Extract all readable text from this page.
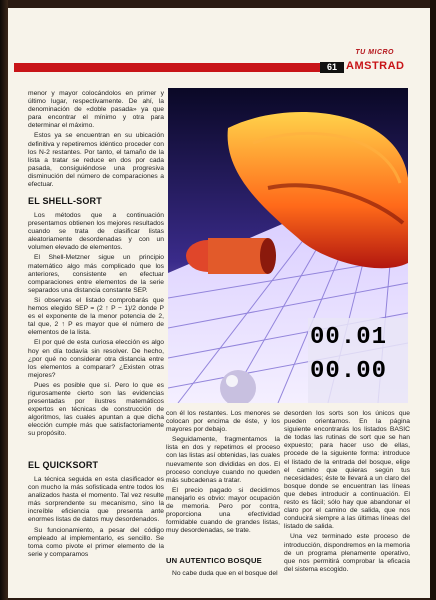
TU MICRO
61 AMSTRAD

menor y mayor colocándolos en primer y último lugar, respectivamente. De ahí, la denominación de «doble pasada» ya que para encontrar el mínimo y otra para determinar el máximo.

Estos ya se encuentran en su ubicación definitiva y repetiremos idéntico proceder con los N-2 restantes. Por tanto, el tamaño de la lista a tratar se reduce en dos por cada pasada, consiguiéndose una progresiva disminución del número de comparaciones a efectuar.

EL SHELL-SORT

Los métodos que a continuación presentamos obtienen los mejores resultados cuando se trata de clasificar listas aleatoriamente desordenadas y con un volumen elevado de elementos.

El Shell-Metzner sigue un principio matemático algo más complicado que los anteriores, consistente en efectuar comparaciones entre elementos de la serie separados una distancia constante SEP.

Si observas el listado comprobarás que hemos elegido SEP = (2 ↑ P − 1)/2 donde P es el exponente de la menor potencia de 2, tal que, 2 ↑ P es mayor que el número de elementos de la lista.

El por qué de esta curiosa elección es algo hoy en día todavía sin resolver. De hecho, ¿por qué no considerar otra distancia entre los elementos a comparar? ¿Existen otras mejores?

Pues es posible que sí. Pero lo que es rigurosamente cierto son las evidencias presentadas por ilustres matemáticos expertos en técnicas de construcción de algoritmos, las cuales apuntan a que dicha elección cumple más que satisfactoriamente su propósito.

EL QUICKSORT

La técnica seguida en esta clasificador es con mucho la más sofisticada entre todos los analizados hasta el momento. Tal vez resulte más sorprendente su mecanismo, sino la increíble eficiencia que presenta ante enormes listas de datos muy desordenados.

Su funcionamiento, a pesar del código empleado al implementarlo, es sencillo. Se toma como pivote el primer elemento de la serie y comparamos

00.01
00.00

con él los restantes. Los menores se colocan por encima de éste, y los mayores por debajo.

Seguidamente, fragmentamos la lista en dos y repetimos el proceso con las listas así obtenidas, las cuales nuevamente son divididas en dos. El proceso concluye cuando no queden más subcadenas a tratar.

El precio pagado si decidimos manejarlo es obvio: mayor ocupación de memoria. Pero por contra, proporciona una efectividad formidable cuando de grandes listas, muy desordenadas, se trate.

UN AUTENTICO BOSQUE

No cabe duda que en el bosque del

desorden los sorts son los únicos que pueden orientarnos. En la página siguiente encontrarás los listados BASIC de todas las rutinas de sort que se han expuesto; para hacer uso de ellas, procede de la siguiente forma: introduce el listado de la entrada del bosque, elige el camino que quieras según tus necesidades; éste te llevará a un claro del bosque donde se encuentran las líneas que debes introducir a continuación. El resto es fácil; sólo hay que abandonar el claro por el camino de salida, que nos conducirá siempre a las últimas líneas del listado de salida.

Una vez terminado este proceso de introducción, dispondremos en la memoria de un programa plenamente operativo, que nos permitirá comprobar la eficacia del sistema escogido.
